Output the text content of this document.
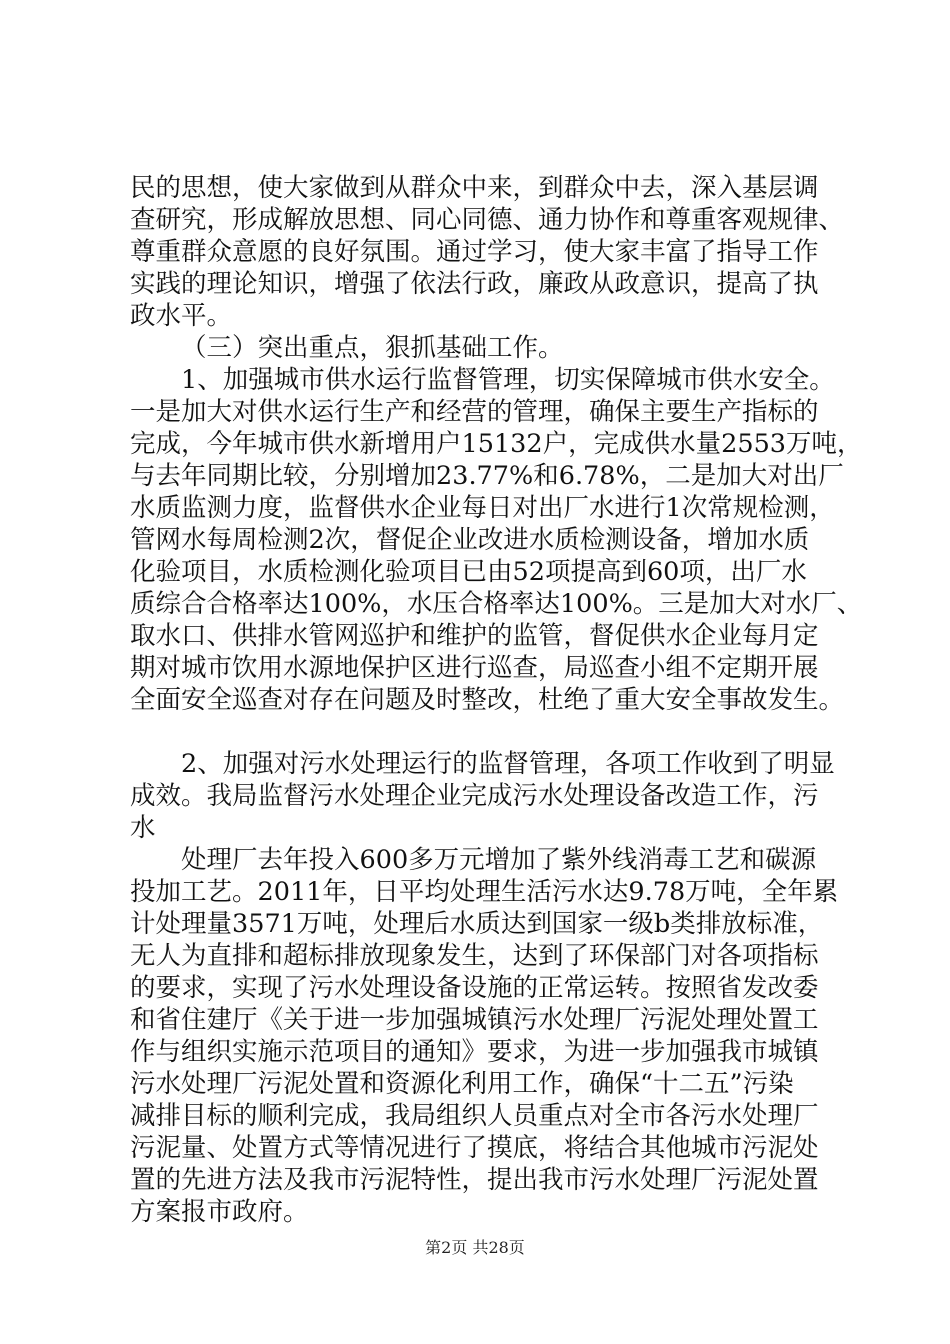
民的思想，使大家做到从群众中来，到群众中去，深入基层调
查研究，形成解放思想、同心同德、通力协作和尊重客观规律、
尊重群众意愿的良好氛围。通过学习，使大家丰富了指导工作
实践的理论知识，增强了依法行政，廉政从政意识，提高了执
政水平。
（三）突出重点，狠抓基础工作。
1、加强城市供水运行监督管理，切实保障城市供水安全。
一是加大对供水运行生产和经营的管理，确保主要生产指标的
完成，今年城市供水新增用户15132户，完成供水量2553万吨，
与去年同期比较，分别增加23.77%和6.78%，二是加大对出厂
水质监测力度，监督供水企业每日对出厂水进行1次常规检测，
管网水每周检测2次，督促企业改进水质检测设备，增加水质
化验项目，水质检测化验项目已由52项提高到60项，出厂水
质综合合格率达100%，水压合格率达100%。三是加大对水厂、
取水口、供排水管网巡护和维护的监管，督促供水企业每月定
期对城市饮用水源地保护区进行巡查，局巡查小组不定期开展
全面安全巡查对存在问题及时整改，杜绝了重大安全事故发生。
2、加强对污水处理运行的监督管理，各项工作收到了明显
成效。我局监督污水处理企业完成污水处理设备改造工作，污
水
处理厂去年投入600多万元增加了紫外线消毒工艺和碳源
投加工艺。2011年，日平均处理生活污水达9.78万吨，全年累
计处理量3571万吨，处理后水质达到国家一级b类排放标准，
无人为直排和超标排放现象发生，达到了环保部门对各项指标
的要求，实现了污水处理设备设施的正常运转。按照省发改委
和省住建厅《关于进一步加强城镇污水处理厂污泥处理处置工
作与组织实施示范项目的通知》要求，为进一步加强我市城镇
污水处理厂污泥处置和资源化利用工作，确保“十二五”污染
减排目标的顺利完成，我局组织人员重点对全市各污水处理厂
污泥量、处置方式等情况进行了摸底，将结合其他城市污泥处
置的先进方法及我市污泥特性，提出我市污水处理厂污泥处置
方案报市政府。
第2页 共28页
